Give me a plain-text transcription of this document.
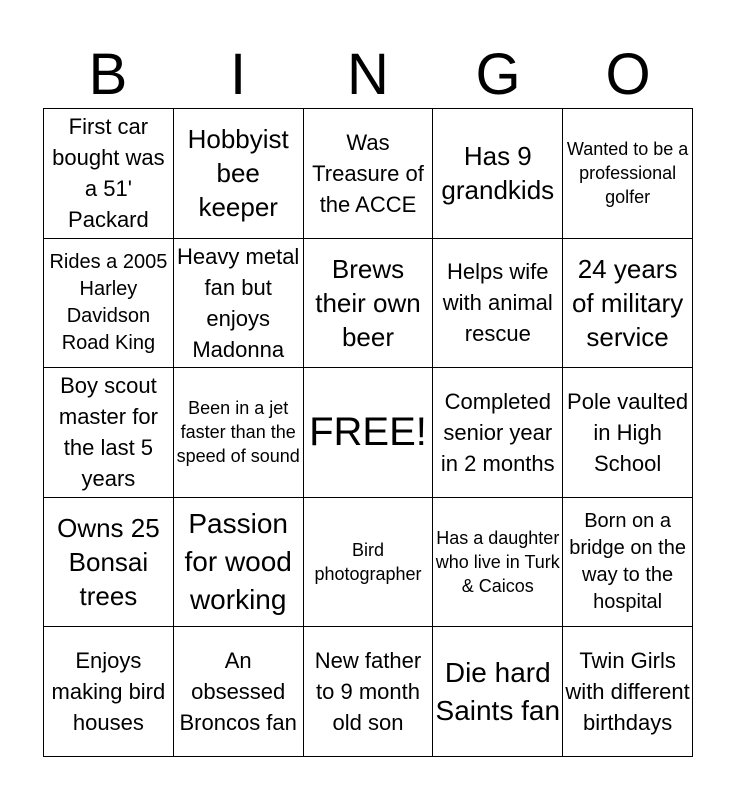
B	I	N	G	O
First car bought was a 51' Packard
Hobbyist bee keeper
Was Treasure of the ACCE
Has 9 grandkids
Wanted to be a professional golfer
Rides a 2005 Harley Davidson Road King
Heavy metal fan but enjoys Madonna
Brews their own beer
Helps wife with animal rescue
24 years of military service
Boy scout master for the last 5 years
Been in a jet faster than the speed of sound
FREE!
Completed senior year in 2 months
Pole vaulted in High School
Owns 25 Bonsai trees
Passion for wood working
Bird photographer
Has a daughter who live in Turk & Caicos
Born on a bridge on the way to the hospital
Enjoys making bird houses
An obsessed Broncos fan
New father to 9 month old son
Die hard Saints fan
Twin Girls with different birthdays
